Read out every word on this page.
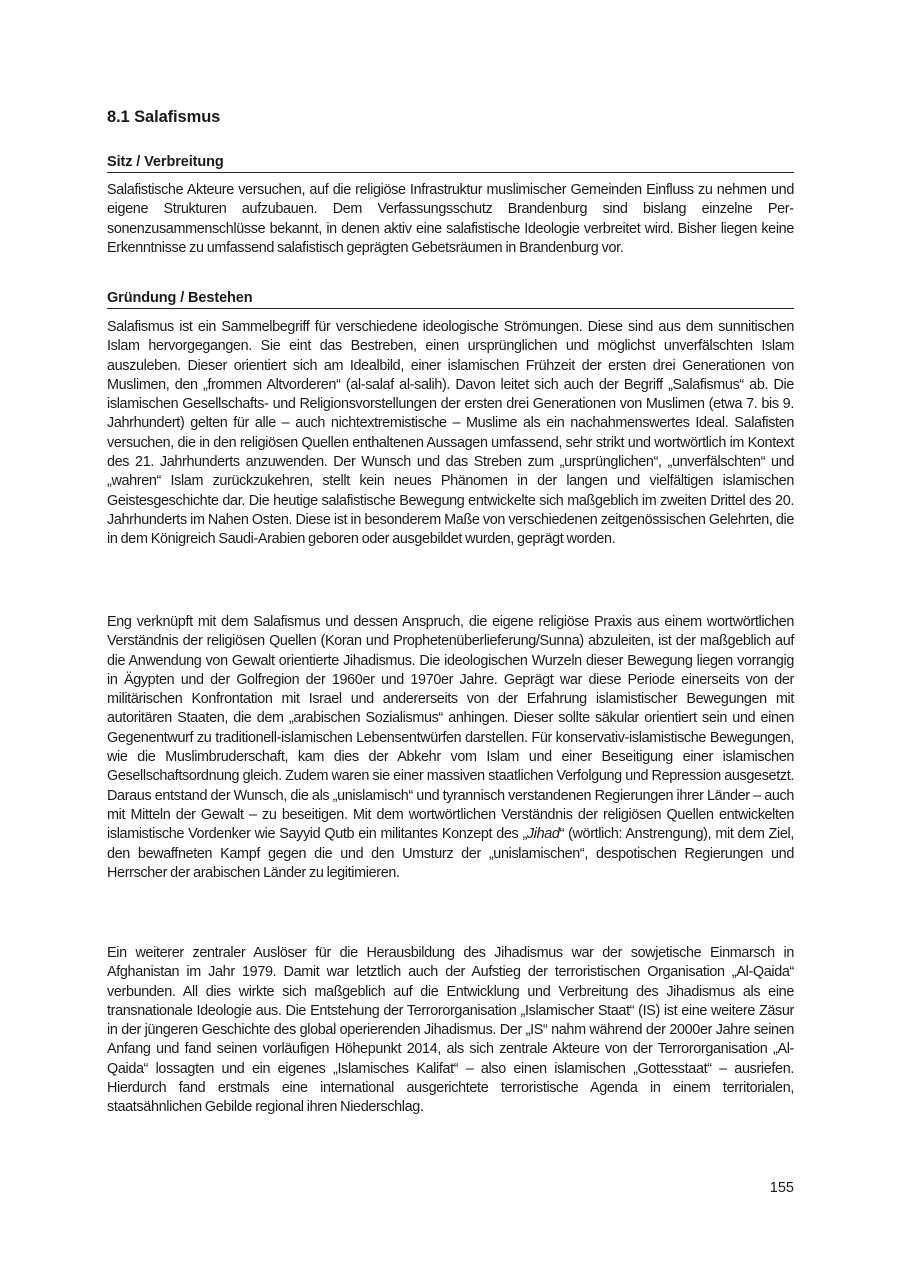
8.1 Salafismus
Sitz / Verbreitung

Salafistische Akteure versuchen, auf die religiöse Infrastruktur muslimischer Gemeinden Einfluss zu nehmen und eigene Strukturen aufzubauen. Dem Verfassungsschutz Brandenburg sind bislang einzelne Personenzusammenschlüsse bekannt, in denen aktiv eine salafistische Ideologie verbreitet wird. Bisher liegen keine Erkenntnisse zu umfassend salafistisch geprägten Gebetsräumen in Brandenburg vor.

Gründung / Bestehen

Salafismus ist ein Sammelbegriff für verschiedene ideologische Strömungen. Diese sind aus dem sunnitischen Islam hervorgegangen. Sie eint das Bestreben, einen ursprünglichen und möglichst unverfälschten Islam auszuleben. Dieser orientiert sich am Idealbild, einer islamischen Frühzeit der ersten drei Generationen von Muslimen, den „frommen Altvorderen“ (al-salaf al-salih). Davon leitet sich auch der Begriff „Salafismus“ ab. Die islamischen Gesellschafts- und Religionsvorstellungen der ersten drei Generationen von Muslimen (etwa 7. bis 9. Jahrhundert) gelten für alle – auch nichtextremistische – Muslime als ein nachahmenswertes Ideal. Salafisten versuchen, die in den religiösen Quellen enthaltenen Aussagen umfassend, sehr strikt und wortwörtlich im Kontext des 21. Jahrhunderts anzuwenden. Der Wunsch und das Streben zum „ursprünglichen“, „unverfälschten“ und „wahren“ Islam zurückzukehren, stellt kein neues Phänomen in der langen und vielfältigen islamischen Geistesgeschichte dar. Die heutige salafistische Bewegung entwickelte sich maßgeblich im zweiten Drittel des 20. Jahrhunderts im Nahen Osten. Diese ist in besonderem Maße von verschiedenen zeitgenössischen Gelehrten, die in dem Königreich Saudi-Arabien geboren oder ausgebildet wurden, geprägt worden.

Eng verknüpft mit dem Salafismus und dessen Anspruch, die eigene religiöse Praxis aus einem wortwörtlichen Verständnis der religiösen Quellen (Koran und Prophetenüberlieferung/Sunna) abzuleiten, ist der maßgeblich auf die Anwendung von Gewalt orientierte Jihadismus. Die ideologischen Wurzeln dieser Bewegung liegen vorrangig in Ägypten und der Golfregion der 1960er und 1970er Jahre. Geprägt war diese Periode einerseits von der militärischen Konfrontation mit Israel und andererseits von der Erfahrung islamistischer Bewegungen mit autoritären Staaten, die dem „arabischen Sozialismus“ anhingen. Dieser sollte säkular orientiert sein und einen Gegenentwurf zu traditionell-islamischen Lebensentwürfen darstellen. Für konservativ-islamistische Bewegungen, wie die Muslimbruderschaft, kam dies der Abkehr vom Islam und einer Beseitigung einer islamischen Gesellschaftsordnung gleich. Zudem waren sie einer massiven staatlichen Verfolgung und Repression ausgesetzt. Daraus entstand der Wunsch, die als „unislamisch“ und tyrannisch verstandenen Regierungen ihrer Länder – auch mit Mitteln der Gewalt – zu beseitigen. Mit dem wortwörtlichen Verständnis der religiösen Quellen entwickelten islamistische Vordenker wie Sayyid Qutb ein militantes Konzept des „Jihad“ (wörtlich: Anstrengung), mit dem Ziel, den bewaffneten Kampf gegen die und den Umsturz der „unislamischen“, despotischen Regierungen und Herrscher der arabischen Länder zu legitimieren.

Ein weiterer zentraler Auslöser für die Herausbildung des Jihadismus war der sowjetische Einmarsch in Afghanistan im Jahr 1979. Damit war letztlich auch der Aufstieg der terroristischen Organisation „Al-Qaida“ verbunden. All dies wirkte sich maßgeblich auf die Entwicklung und Verbreitung des Jihadismus als eine transnationale Ideologie aus. Die Entstehung der Terrororganisation „Islamischer Staat“ (IS) ist eine weitere Zäsur in der jüngeren Geschichte des global operierenden Jihadismus. Der „IS“ nahm während der 2000er Jahre seinen Anfang und fand seinen vorläufigen Höhepunkt 2014, als sich zentrale Akteure von der Terrororganisation „Al-Qaida“ lossagten und ein eigenes „Islamisches Kalifat“ – also einen islamischen „Gottesstaat“ – ausriefen. Hierdurch fand erstmals eine international ausgerichtete terroristische Agenda in einem territorialen, staatsähnlichen Gebilde regional ihren Niederschlag.

155
